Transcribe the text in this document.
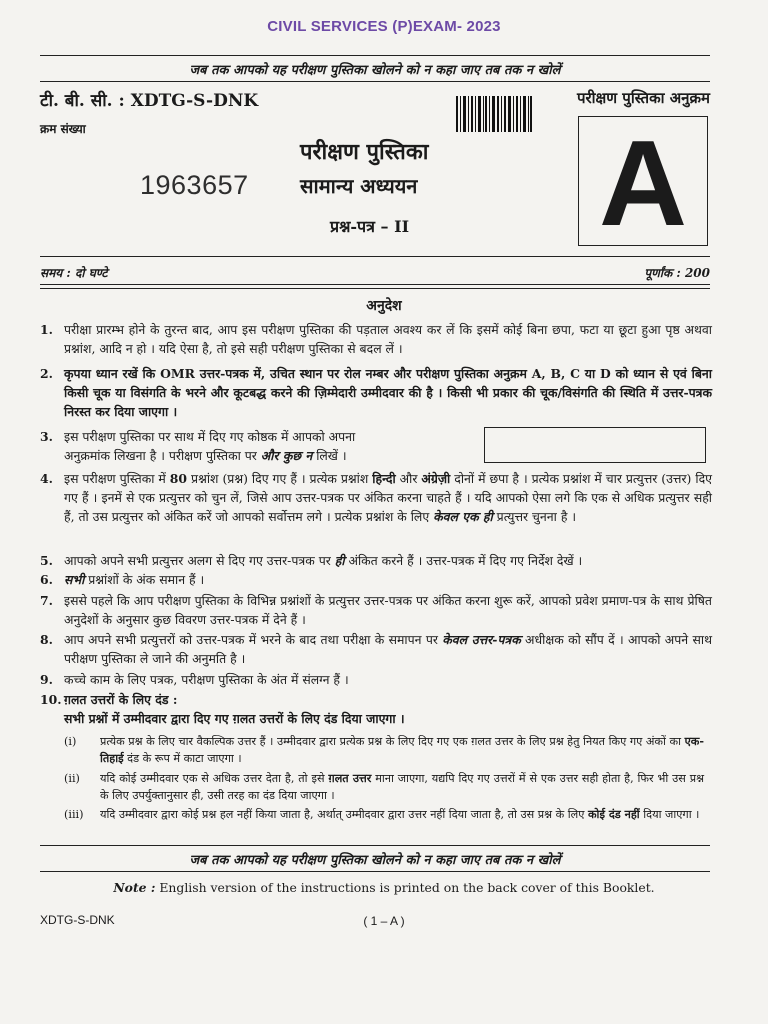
CIVIL SERVICES (P)EXAM- 2023
जब तक आपको यह परीक्षण पुस्तिका खोलने को न कहा जाए तब तक न खोलें
टी. बी. सी. : XDTG-S-DNK	परीक्षण पुस्तिका अनुक्रम
क्रम संख्या
1963657
परीक्षण पुस्तिका
सामान्य अध्ययन
प्रश्न-पत्र – II A
समय : दो घण्टे	पूर्णांक : 200
अनुदेश
1. परीक्षा प्रारम्भ होने के तुरन्त बाद, आप इस परीक्षण पुस्तिका की पड़ताल अवश्य कर लें कि इसमें कोई बिना छपा, फटा या छूटा हुआ पृष्ठ अथवा प्रश्नांश, आदि न हो । यदि ऐसा है, तो इसे सही परीक्षण पुस्तिका से बदल लें ।
2. कृपया ध्यान रखें कि OMR उत्तर-पत्रक में, उचित स्थान पर रोल नम्बर और परीक्षण पुस्तिका अनुक्रम A, B, C या D को ध्यान से एवं बिना किसी चूक या विसंगति के भरने और कूटबद्ध करने की ज़िम्मेदारी उम्मीदवार की है । किसी भी प्रकार की चूक/विसंगति की स्थिति में उत्तर-पत्रक निरस्त कर दिया जाएगा ।
3. इस परीक्षण पुस्तिका पर साथ में दिए गए कोष्ठक में आपको अपना
अनुक्रमांक लिखना है । परीक्षण पुस्तिका पर और कुछ न लिखें ।
4. इस परीक्षण पुस्तिका में 80 प्रश्नांश (प्रश्न) दिए गए हैं । प्रत्येक प्रश्नांश हिन्दी और अंग्रेज़ी दोनों में छपा है । प्रत्येक प्रश्नांश में चार प्रत्युत्तर (उत्तर) दिए गए हैं । इनमें से एक प्रत्युत्तर को चुन लें, जिसे आप उत्तर-पत्रक पर अंकित करना चाहते हैं । यदि आपको ऐसा लगे कि एक से अधिक प्रत्युत्तर सही हैं, तो उस प्रत्युत्तर को अंकित करें जो आपको सर्वोत्तम लगे । प्रत्येक प्रश्नांश के लिए केवल एक ही प्रत्युत्तर चुनना है ।
5. आपको अपने सभी प्रत्युत्तर अलग से दिए गए उत्तर-पत्रक पर ही अंकित करने हैं । उत्तर-पत्रक में दिए गए निर्देश देखें ।
6. सभी प्रश्नांशों के अंक समान हैं ।
7. इससे पहले कि आप परीक्षण पुस्तिका के विभिन्न प्रश्नांशों के प्रत्युत्तर उत्तर-पत्रक पर अंकित करना शुरू करें, आपको प्रवेश प्रमाण-पत्र के साथ प्रेषित अनुदेशों के अनुसार कुछ विवरण उत्तर-पत्रक में देने हैं ।
8. आप अपने सभी प्रत्युत्तरों को उत्तर-पत्रक में भरने के बाद तथा परीक्षा के समापन पर केवल उत्तर-पत्रक अधीक्षक को सौंप दें । आपको अपने साथ परीक्षण पुस्तिका ले जाने की अनुमति है ।
9. कच्चे काम के लिए पत्रक, परीक्षण पुस्तिका के अंत में संलग्न हैं ।
10. ग़लत उत्तरों के लिए दंड :
सभी प्रश्नों में उम्मीदवार द्वारा दिए गए ग़लत उत्तरों के लिए दंड दिया जाएगा ।
(i) प्रत्येक प्रश्न के लिए चार वैकल्पिक उत्तर हैं । उम्मीदवार द्वारा प्रत्येक प्रश्न के लिए दिए गए एक ग़लत उत्तर के लिए प्रश्न हेतु नियत किए गए अंकों का एक-तिहाई दंड के रूप में काटा जाएगा ।
(ii) यदि कोई उम्मीदवार एक से अधिक उत्तर देता है, तो इसे ग़लत उत्तर माना जाएगा, यद्यपि दिए गए उत्तरों में से एक उत्तर सही होता है, फिर भी उस प्रश्न के लिए उपर्युक्तानुसार ही, उसी तरह का दंड दिया जाएगा ।
(iii) यदि उम्मीदवार द्वारा कोई प्रश्न हल नहीं किया जाता है, अर्थात् उम्मीदवार द्वारा उत्तर नहीं दिया जाता है, तो उस प्रश्न के लिए कोई दंड नहीं दिया जाएगा ।
जब तक आपको यह परीक्षण पुस्तिका खोलने को न कहा जाए तब तक न खोलें
Note : English version of the instructions is printed on the back cover of this Booklet.
XDTG-S-DNK	( 1 – A )
